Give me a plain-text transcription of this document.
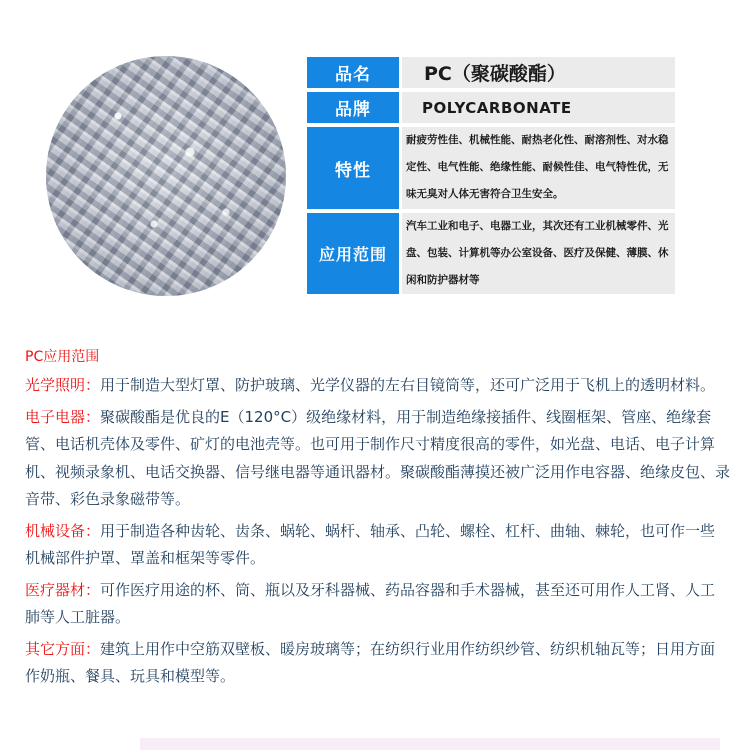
品名	PC（聚碳酸酯）
品牌	POLYCARBONATE
特性
耐疲劳性佳、机械性能、耐热老化性、耐溶剂性、对水稳定性、电气性能、绝缘性能、耐候性佳、电气特性优，无味无臭对人体无害符合卫生安全。
应用范围
汽车工业和电子、电器工业，其次还有工业机械零件、光盘、包装、计算机等办公室设备、医疗及保健、薄膜、休闲和防护器材等
PC应用范围

光学照明：用于制造大型灯罩、防护玻璃、光学仪器的左右目镜筒等，还可广泛用于飞机上的透明材料。

电子电器：聚碳酸酯是优良的E（120°C）级绝缘材料，用于制造绝缘接插件、线圈框架、管座、绝缘套管、电话机壳体及零件、矿灯的电池壳等。也可用于制作尺寸精度很高的零件，如光盘、电话、电子计算机、视频录象机、电话交换器、信号继电器等通讯器材。聚碳酸酯薄摸还被广泛用作电容器、绝缘皮包、录音带、彩色录象磁带等。

机械设备：用于制造各种齿轮、齿条、蜗轮、蜗杆、轴承、凸轮、螺栓、杠杆、曲轴、棘轮，也可作一些机械部件护罩、罩盖和框架等零件。

医疗器材：可作医疗用途的杯、筒、瓶以及牙科器械、药品容器和手术器械，甚至还可用作人工肾、人工肺等人工脏器。

其它方面：建筑上用作中空筋双壁板、暖房玻璃等；在纺织行业用作纺织纱管、纺织机轴瓦等；日用方面作奶瓶、餐具、玩具和模型等。
